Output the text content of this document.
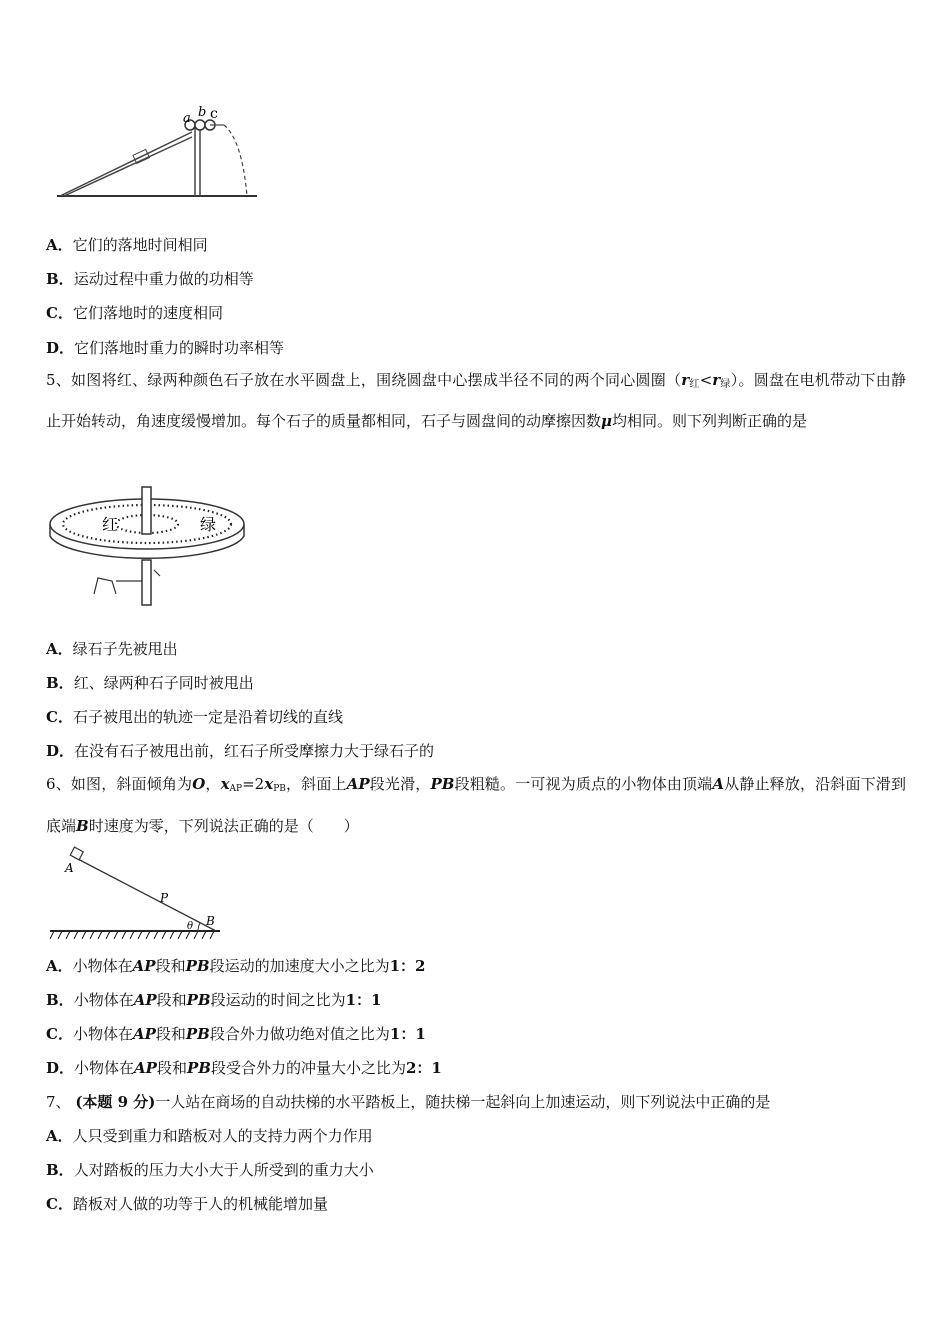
a b c
A．它们的落地时间相同
B．运动过程中重力做的功相等
C．它们落地时的速度相同
D．它们落地时重力的瞬时功率相等
5、如图将红、绿两种颜色石子放在水平圆盘上，围绕圆盘中心摆成半径不同的两个同心圆圈$(r_红<r_绿)$。圆盘在电机带动下由静止开始转动，角速度缓慢增加。每个石子的质量都相同，石子与圆盘间的动摩擦因数μ均相同。则下列判断正确的是
红	绿
A．绿石子先被甩出
B．红、绿两种石子同时被甩出
C．石子被甩出的轨迹一定是沿着切线的直线
D．在没有石子被甩出前，红石子所受摩擦力大于绿石子的
6、如图，斜面倾角为O，$x_{AP}=2x_{PB}$，斜面上AP段光滑，PB段粗糙。一可视为质点的小物体由顶端A从静止释放，沿斜面下滑到底端B时速度为零，下列说法正确的是（　　）
A
P
B
θ
A．小物体在AP段和PB段运动的加速度大小之比为1：2
B．小物体在AP段和PB段运动的时间之比为1：1
C．小物体在AP段和PB段合外力做功绝对值之比为1：1
D．小物体在AP段和PB段受合外力的冲量大小之比为2：1
7、 (本题 9 分)一人站在商场的自动扶梯的水平踏板上，随扶梯一起斜向上加速运动，则下列说法中正确的是
A．人只受到重力和踏板对人的支持力两个力作用
B．人对踏板的压力大小大于人所受到的重力大小
C．踏板对人做的功等于人的机械能增加量
